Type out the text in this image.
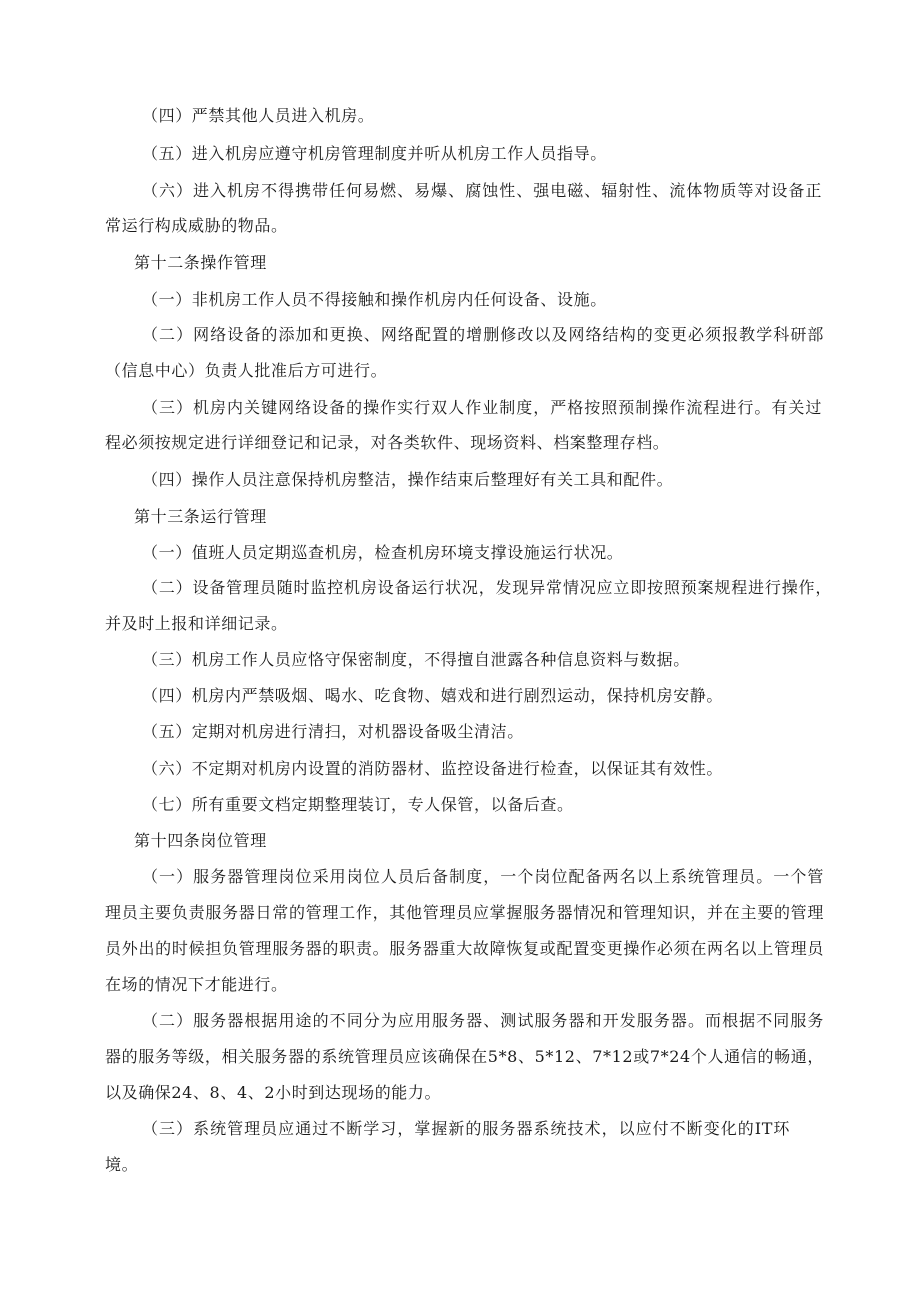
（四）严禁其他人员进入机房。
（五）进入机房应遵守机房管理制度并听从机房工作人员指导。
（六）进入机房不得携带任何易燃、易爆、腐蚀性、强电磁、辐射性、流体物质等对设备正
常运行构成威胁的物品。
第十二条操作管理
（一）非机房工作人员不得接触和操作机房内任何设备、设施。
（二）网络设备的添加和更换、网络配置的增删修改以及网络结构的变更必须报教学科研部
（信息中心）负责人批准后方可进行。
（三）机房内关键网络设备的操作实行双人作业制度，严格按照预制操作流程进行。有关过
程必须按规定进行详细登记和记录，对各类软件、现场资料、档案整理存档。
（四）操作人员注意保持机房整洁，操作结束后整理好有关工具和配件。
第十三条运行管理
（一）值班人员定期巡查机房，检查机房环境支撑设施运行状况。
（二）设备管理员随时监控机房设备运行状况，发现异常情况应立即按照预案规程进行操作，
并及时上报和详细记录。
（三）机房工作人员应恪守保密制度，不得擅自泄露各种信息资料与数据。
（四）机房内严禁吸烟、喝水、吃食物、嬉戏和进行剧烈运动，保持机房安静。
（五）定期对机房进行清扫，对机器设备吸尘清洁。
（六）不定期对机房内设置的消防器材、监控设备进行检查，以保证其有效性。
（七）所有重要文档定期整理装订，专人保管，以备后查。
第十四条岗位管理
（一）服务器管理岗位采用岗位人员后备制度，一个岗位配备两名以上系统管理员。一个管
理员主要负责服务器日常的管理工作，其他管理员应掌握服务器情况和管理知识，并在主要的管理
员外出的时候担负管理服务器的职责。服务器重大故障恢复或配置变更操作必须在两名以上管理员
在场的情况下才能进行。
（二）服务器根据用途的不同分为应用服务器、测试服务器和开发服务器。而根据不同服务
器的服务等级，相关服务器的系统管理员应该确保在5*8、5*12、7*12或7*24个人通信的畅通，
以及确保24、8、4、2小时到达现场的能力。
（三）系统管理员应通过不断学习，掌握新的服务器系统技术，以应付不断变化的IT环
境。
